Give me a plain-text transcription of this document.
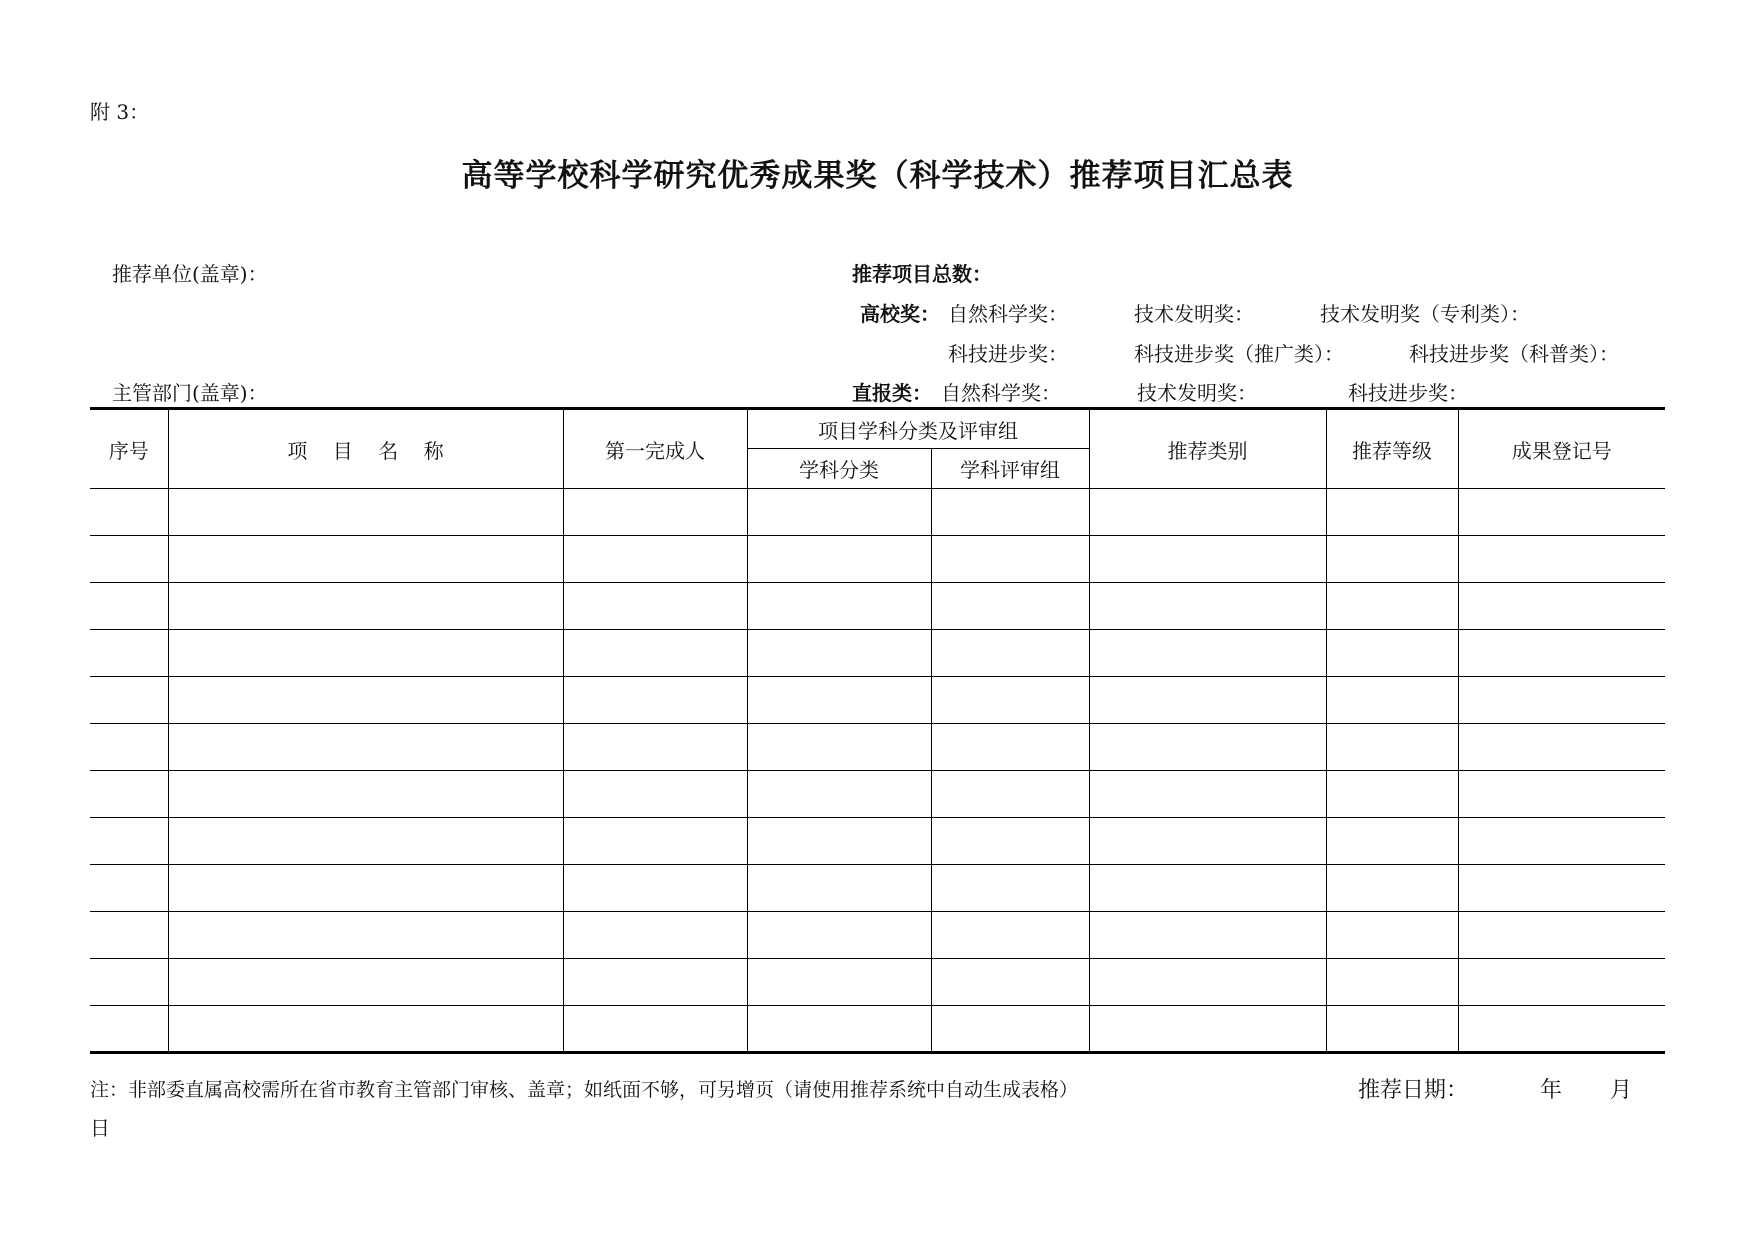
附 3：
高等学校科学研究优秀成果奖（科学技术）推荐项目汇总表
推荐单位(盖章)：
主管部门(盖章)：
推荐项目总数：
高校奖： 自然科学奖：	技术发明奖：	技术发明奖（专利类）：
科技进步奖：	科技进步奖（推广类）：	科技进步奖（科普类）：
直报类： 自然科学奖：	技术发明奖：	科技进步奖：
序号	项    目    名    称	第一完成人	项目学科分类及评审组		推荐类别	推荐等级	成果登记号
			学科分类	学科评审组			

注：非部委直属高校需所在省市教育主管部门审核、盖章；如纸面不够，可另增页（请使用推荐系统中自动生成表格）	推荐日期：	年 月
日
